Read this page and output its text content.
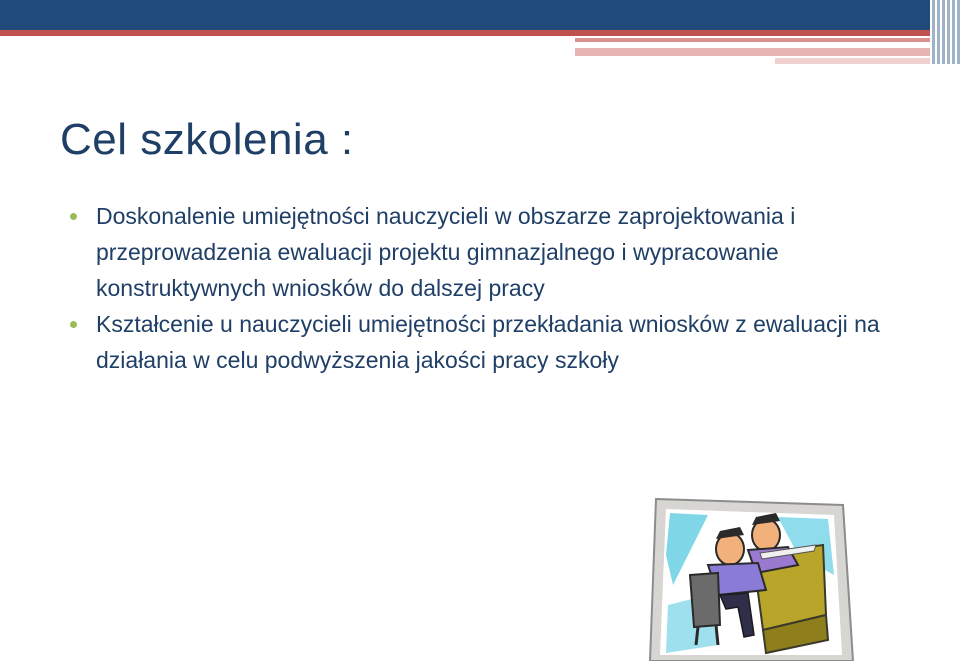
Cel szkolenia :
Doskonalenie umiejętności nauczycieli w obszarze zaprojektowania i przeprowadzenia ewaluacji projektu gimnazjalnego i wypracowanie konstruktywnych wniosków do dalszej pracy
Kształcenie u nauczycieli umiejętności przekładania wniosków z ewaluacji na działania w celu podwyższenia jakości pracy szkoły
